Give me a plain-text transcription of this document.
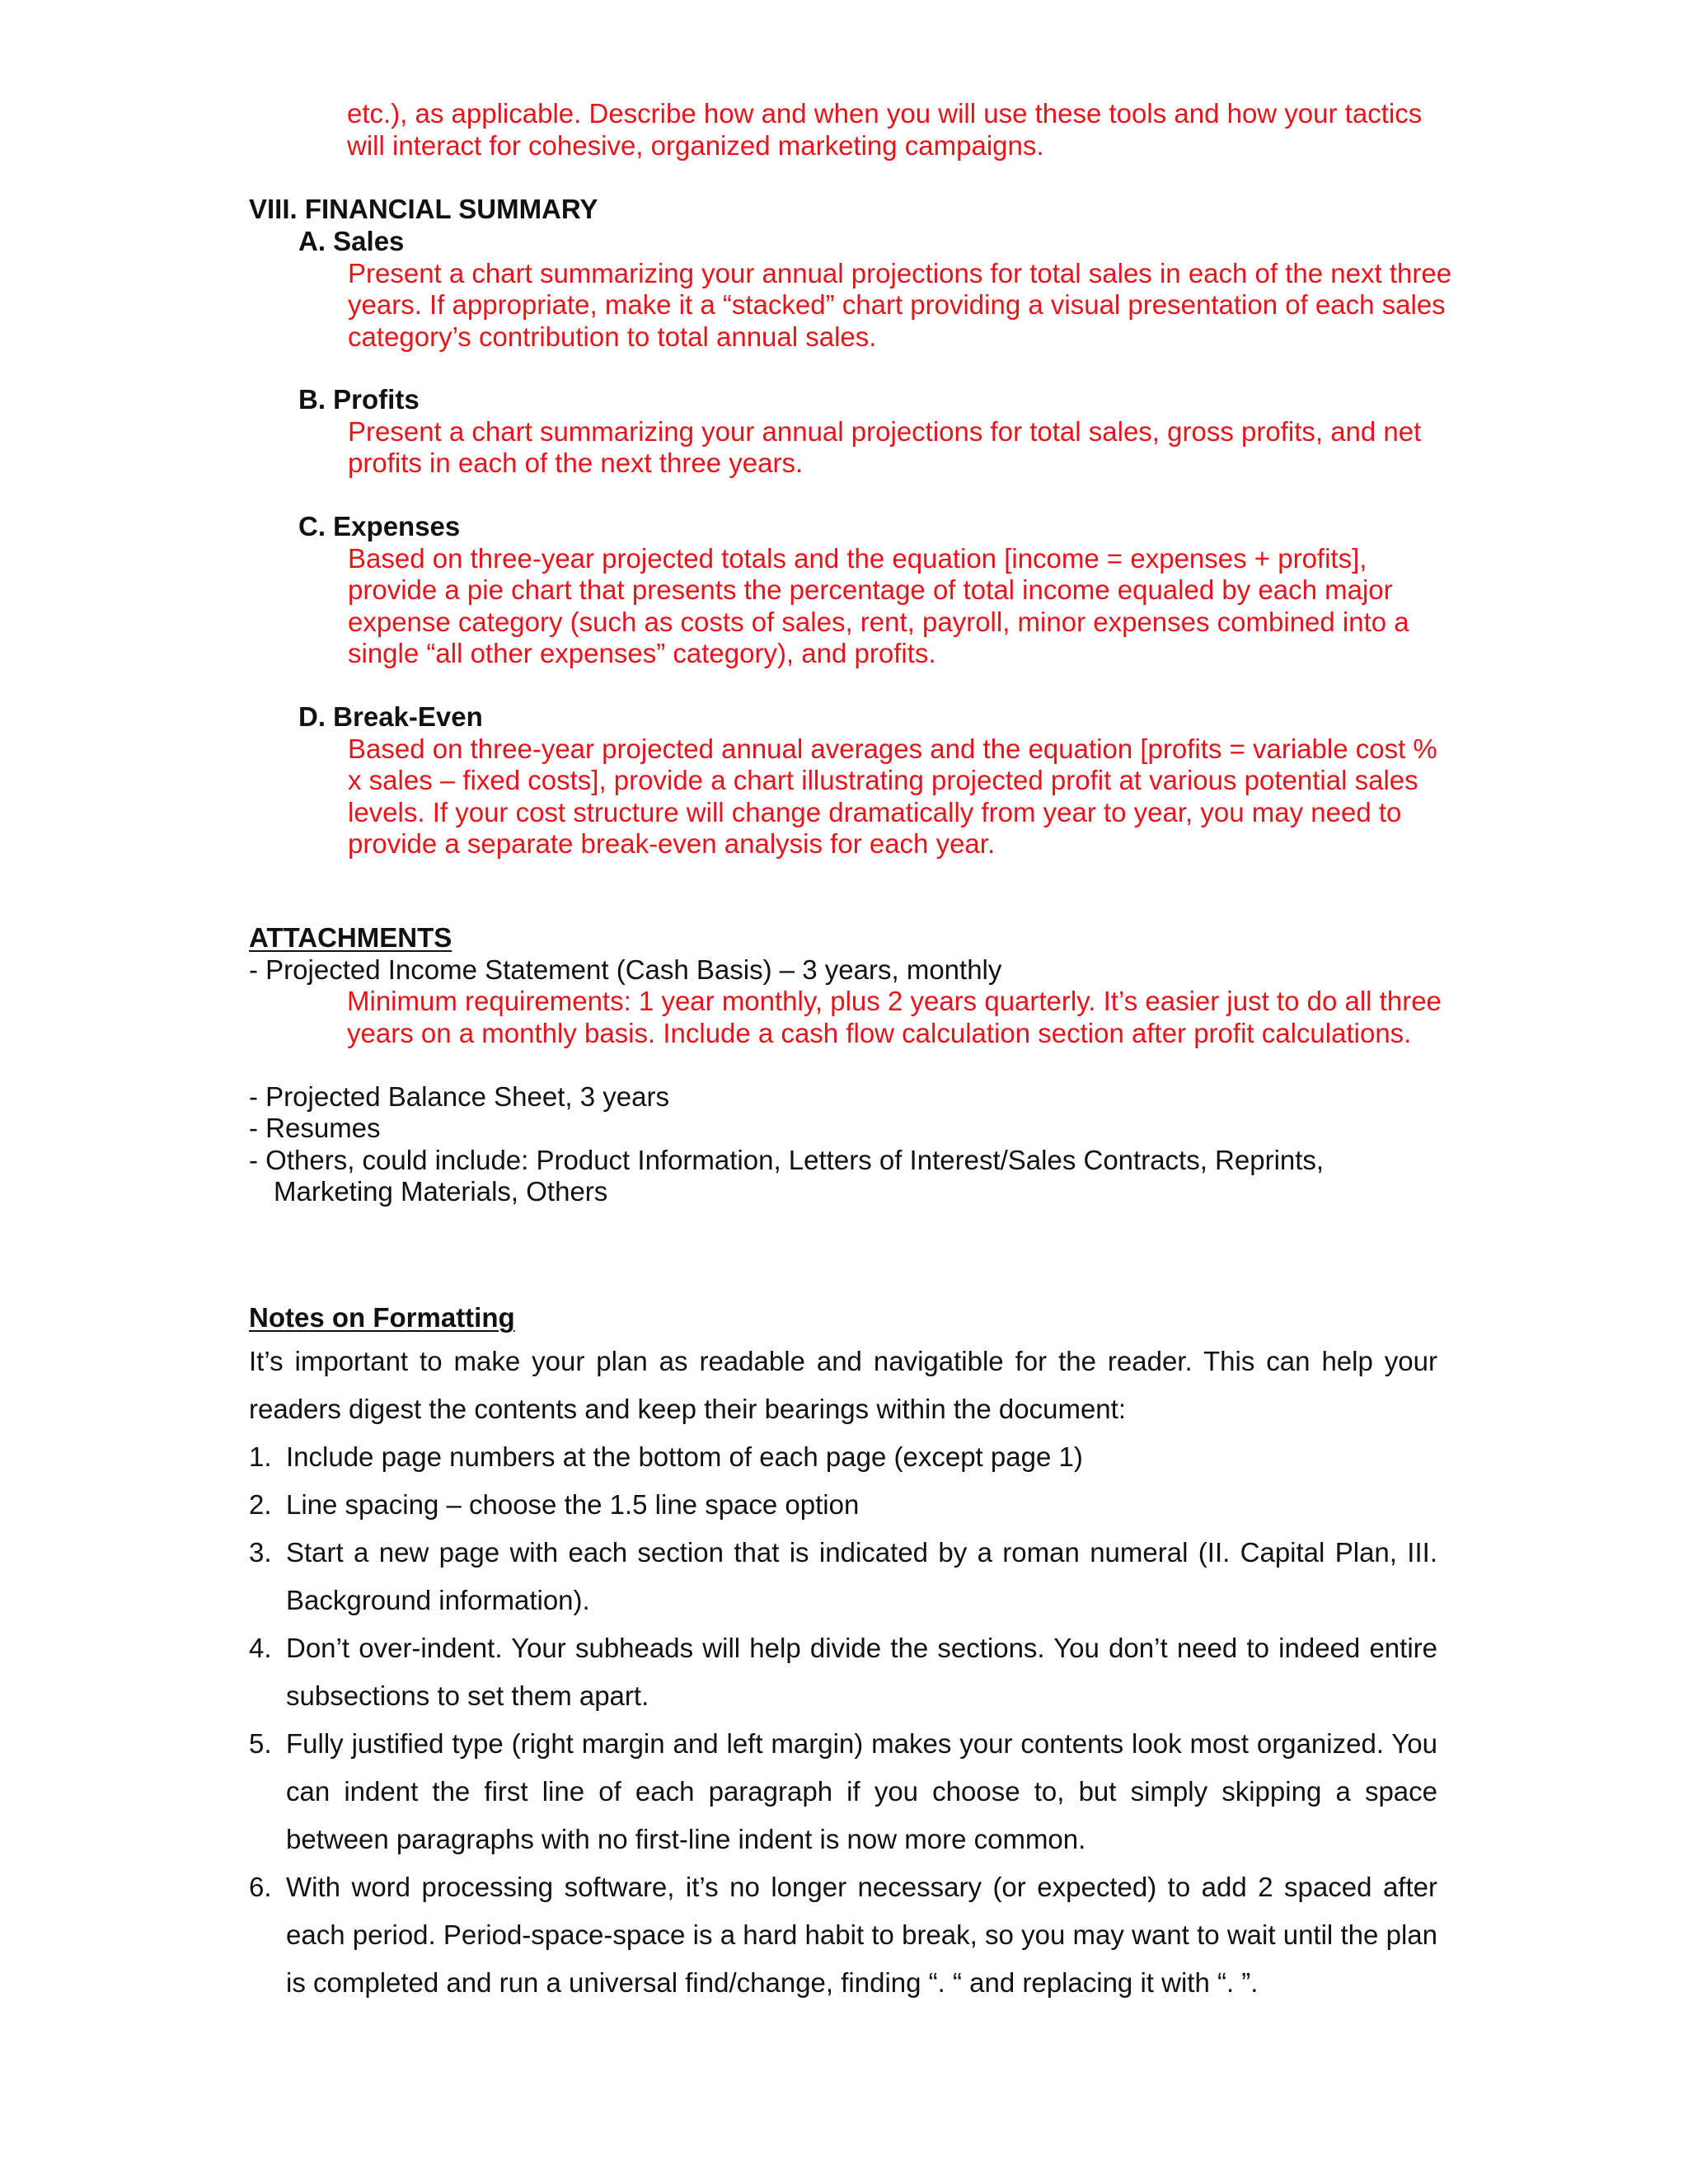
etc.), as applicable. Describe how and when you will use these tools and how your tactics will interact for cohesive, organized marketing campaigns.
VIII. FINANCIAL SUMMARY
A. Sales
Present a chart summarizing your annual projections for total sales in each of the next three years. If appropriate, make it a “stacked” chart providing a visual presentation of each sales category’s contribution to total annual sales.
B. Profits
Present a chart summarizing your annual projections for total sales, gross profits, and net profits in each of the next three years.
C. Expenses
Based on three-year projected totals and the equation [income = expenses + profits], provide a pie chart that presents the percentage of total income equaled by each major expense category (such as costs of sales, rent, payroll, minor expenses combined into a single “all other expenses” category), and profits.
D. Break-Even
Based on three-year projected annual averages and the equation [profits = variable cost % x sales – fixed costs], provide a chart illustrating projected profit at various potential sales levels. If your cost structure will change dramatically from year to year, you may need to provide a separate break-even analysis for each year.
ATTACHMENTS
- Projected Income Statement (Cash Basis) – 3 years, monthly
Minimum requirements: 1 year monthly, plus 2 years quarterly. It’s easier just to do all three years on a monthly basis. Include a cash flow calculation section after profit calculations.
- Projected Balance Sheet, 3 years
- Resumes
- Others, could include: Product Information, Letters of Interest/Sales Contracts, Reprints,
Marketing Materials, Others
Notes on Formatting
It’s important to make your plan as readable and navigatible for the reader. This can help your readers digest the contents and keep their bearings within the document:
1. Include page numbers at the bottom of each page (except page 1)
2. Line spacing – choose the 1.5 line space option
3. Start a new page with each section that is indicated by a roman numeral (II. Capital Plan, III. Background information).
4. Don’t over-indent. Your subheads will help divide the sections. You don’t need to indeed entire subsections to set them apart.
5. Fully justified type (right margin and left margin) makes your contents look most organized. You can indent the first line of each paragraph if you choose to, but simply skipping a space between paragraphs with no first-line indent is now more common.
6. With word processing software, it’s no longer necessary (or expected) to add 2 spaced after each period. Period-space-space is a hard habit to break, so you may want to wait until the plan is completed and run a universal find/change, finding “. “ and replacing it with “. ”.
